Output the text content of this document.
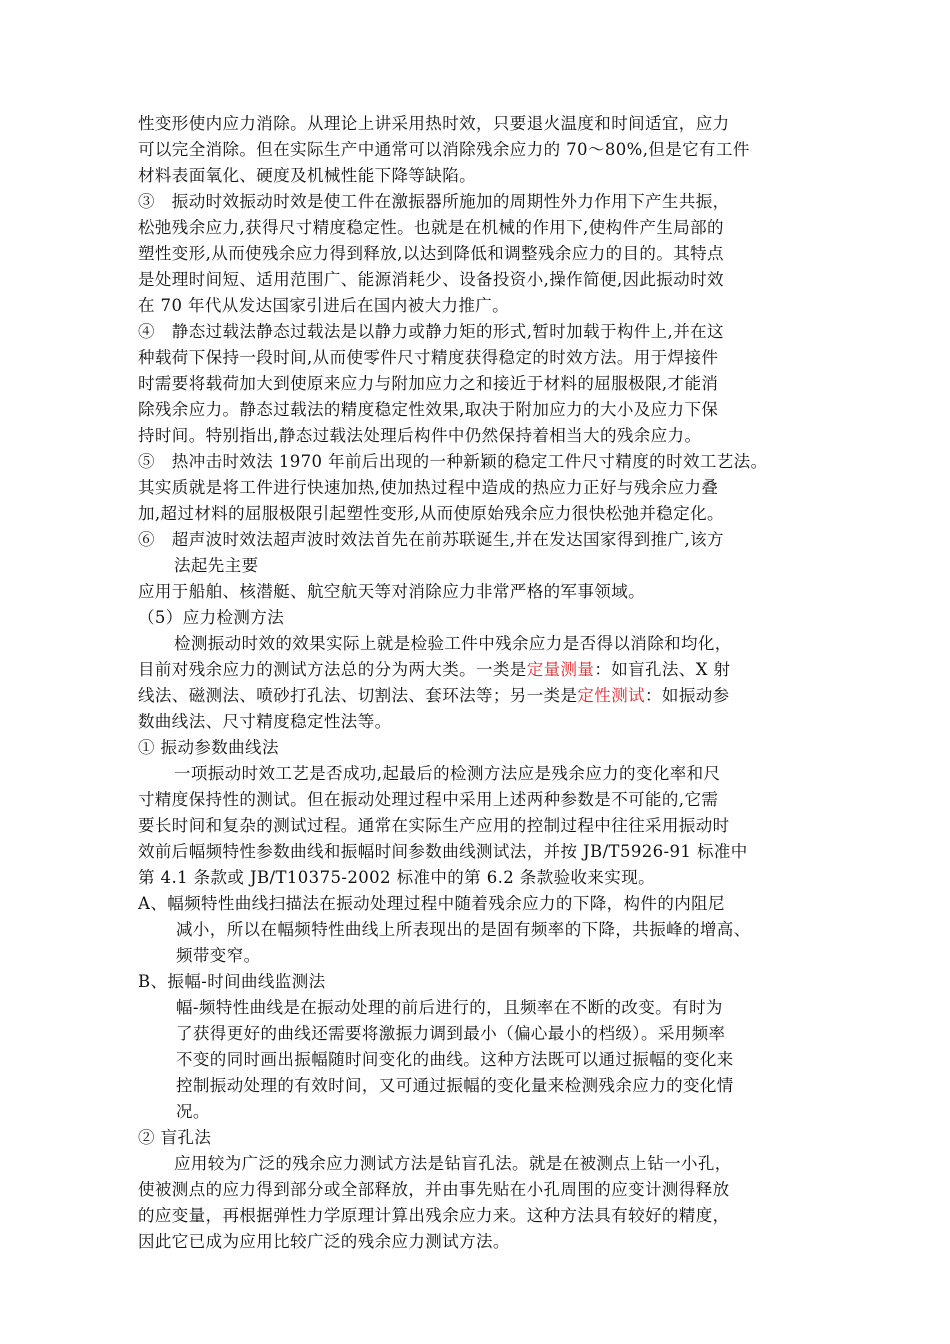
性变形使内应力消除。从理论上讲采用热时效，只要退火温度和时间适宜，应力
可以完全消除。但在实际生产中通常可以消除残余应力的 70～80%,但是它有工件
材料表面氧化、硬度及机械性能下降等缺陷。
③　振动时效振动时效是使工件在激振器所施加的周期性外力作用下产生共振，
松弛残余应力,获得尺寸精度稳定性。也就是在机械的作用下,使构件产生局部的
塑性变形,从而使残余应力得到释放,以达到降低和调整残余应力的目的。其特点
是处理时间短、适用范围广、能源消耗少、设备投资小,操作简便,因此振动时效
在 70 年代从发达国家引进后在国内被大力推广。
④　静态过载法静态过载法是以静力或静力矩的形式,暂时加载于构件上,并在这
种载荷下保持一段时间,从而使零件尺寸精度获得稳定的时效方法。用于焊接件
时需要将载荷加大到使原来应力与附加应力之和接近于材料的屈服极限,才能消
除残余应力。静态过载法的精度稳定性效果,取决于附加应力的大小及应力下保
持时间。特别指出,静态过载法处理后构件中仍然保持着相当大的残余应力。
⑤　热冲击时效法 1970 年前后出现的一种新颖的稳定工件尺寸精度的时效工艺法。
其实质就是将工件进行快速加热,使加热过程中造成的热应力正好与残余应力叠
加,超过材料的屈服极限引起塑性变形,从而使原始残余应力很快松弛并稳定化。
⑥　超声波时效法超声波时效法首先在前苏联诞生,并在发达国家得到推广,该方
法起先主要
应用于船舶、核潜艇、航空航天等对消除应力非常严格的军事领域。
（5）应力检测方法
检测振动时效的效果实际上就是检验工件中残余应力是否得以消除和均化，
目前对残余应力的测试方法总的分为两大类。一类是定量测量：如盲孔法、X 射
线法、磁测法、喷砂打孔法、切割法、套环法等；另一类是定性测试：如振动参
数曲线法、尺寸精度稳定性法等。
① 振动参数曲线法
一项振动时效工艺是否成功,起最后的检测方法应是残余应力的变化率和尺
寸精度保持性的测试。但在振动处理过程中采用上述两种参数是不可能的,它需
要长时间和复杂的测试过程。通常在实际生产应用的控制过程中往往采用振动时
效前后幅频特性参数曲线和振幅时间参数曲线测试法，并按 JB/T5926-91 标准中
第 4.1 条款或 JB/T10375-2002 标准中的第 6.2 条款验收来实现。
A、幅频特性曲线扫描法在振动处理过程中随着残余应力的下降，构件的内阻尼
减小，所以在幅频特性曲线上所表现出的是固有频率的下降，共振峰的增高、
频带变窄。
B、振幅-时间曲线监测法
幅-频特性曲线是在振动处理的前后进行的，且频率在不断的改变。有时为
了获得更好的曲线还需要将激振力调到最小（偏心最小的档级）。采用频率
不变的同时画出振幅随时间变化的曲线。这种方法既可以通过振幅的变化来
控制振动处理的有效时间，又可通过振幅的变化量来检测残余应力的变化情
况。
② 盲孔法
应用较为广泛的残余应力测试方法是钻盲孔法。就是在被测点上钻一小孔，
使被测点的应力得到部分或全部释放，并由事先贴在小孔周围的应变计测得释放
的应变量，再根据弹性力学原理计算出残余应力来。这种方法具有较好的精度，
因此它已成为应用比较广泛的残余应力测试方法。
